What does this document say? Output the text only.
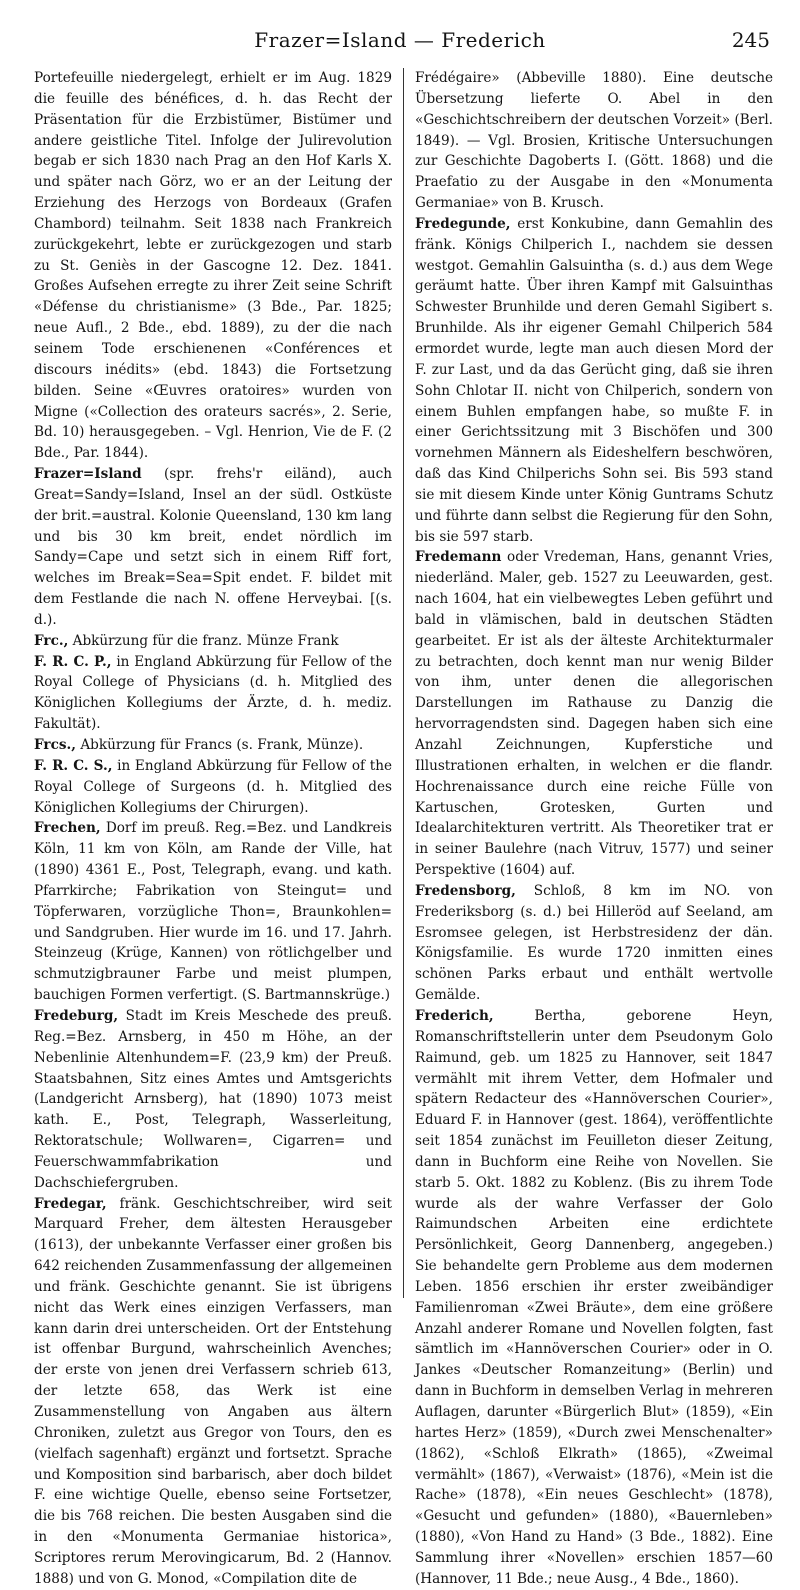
Frazer=Island — Frederich	245

Portefeuille niedergelegt, erhielt er im Aug. 1829 die feuille des bénéfices, d. h. das Recht der Präsentation für die Erzbistümer, Bistümer und andere geistliche Titel. Infolge der Julirevolution begab er sich 1830 nach Prag an den Hof Karls X. und später nach Görz, wo er an der Leitung der Erziehung des Herzogs von Bordeaux (Grafen Chambord) teilnahm. Seit 1838 nach Frankreich zurückgekehrt, lebte er zurückgezogen und starb zu St. Geniès in der Gascogne 12. Dez. 1841. Großes Aufsehen erregte zu ihrer Zeit seine Schrift «Défense du christianisme» (3 Bde., Par. 1825; neue Aufl., 2 Bde., ebd. 1889), zu der die nach seinem Tode erschienenen «Conférences et discours inédits» (ebd. 1843) die Fortsetzung bilden. Seine «Œuvres oratoires» wurden von Migne («Collection des orateurs sacrés», 2. Serie, Bd. 10) herausgegeben. – Vgl. Henrion, Vie de F. (2 Bde., Par. 1844).

Frazer=Island (spr. frehs'r eiländ), auch Great=Sandy=Island, Insel an der südl. Ostküste der brit.=austral. Kolonie Queensland, 130 km lang und bis 30 km breit, endet nördlich im Sandy=Cape und setzt sich in einem Riff fort, welches im Break=Sea=Spit endet. F. bildet mit dem Festlande die nach N. offene Herveybai. [(s. d.).

Frc., Abkürzung für die franz. Münze Frank

F. R. C. P., in England Abkürzung für Fellow of the Royal College of Physicians (d. h. Mitglied des Königlichen Kollegiums der Ärzte, d. h. mediz. Fakultät).

Frcs., Abkürzung für Francs (s. Frank, Münze).

F. R. C. S., in England Abkürzung für Fellow of the Royal College of Surgeons (d. h. Mitglied des Königlichen Kollegiums der Chirurgen).

Frechen, Dorf im preuß. Reg.=Bez. und Landkreis Köln, 11 km von Köln, am Rande der Ville, hat (1890) 4361 E., Post, Telegraph, evang. und kath. Pfarrkirche; Fabrikation von Steingut= und Töpferwaren, vorzügliche Thon=, Braunkohlen= und Sandgruben. Hier wurde im 16. und 17. Jahrh. Steinzeug (Krüge, Kannen) von rötlichgelber und schmutzigbrauner Farbe und meist plumpen, bauchigen Formen verfertigt. (S. Bartmannskrüge.)

Fredeburg, Stadt im Kreis Meschede des preuß. Reg.=Bez. Arnsberg, in 450 m Höhe, an der Nebenlinie Altenhundem=F. (23,9 km) der Preuß. Staatsbahnen, Sitz eines Amtes und Amtsgerichts (Landgericht Arnsberg), hat (1890) 1073 meist kath. E., Post, Telegraph, Wasserleitung, Rektoratschule; Wollwaren=, Cigarren= und Feuerschwammfabrikation und Dachschiefergruben.

Fredegar, fränk. Geschichtschreiber, wird seit Marquard Freher, dem ältesten Herausgeber (1613), der unbekannte Verfasser einer großen bis 642 reichenden Zusammenfassung der allgemeinen und fränk. Geschichte genannt. Sie ist übrigens nicht das Werk eines einzigen Verfassers, man kann darin drei unterscheiden. Ort der Entstehung ist offenbar Burgund, wahrscheinlich Avenches; der erste von jenen drei Verfassern schrieb 613, der letzte 658, das Werk ist eine Zusammenstellung von Angaben aus ältern Chroniken, zuletzt aus Gregor von Tours, den es (vielfach sagenhaft) ergänzt und fortsetzt. Sprache und Komposition sind barbarisch, aber doch bildet F. eine wichtige Quelle, ebenso seine Fortsetzer, die bis 768 reichen. Die besten Ausgaben sind die in den «Monumenta Germaniae historica», Scriptores rerum Merovingicarum, Bd. 2 (Hannov. 1888) und von G. Monod, «Compilation dite de

Frédégaire» (Abbeville 1880). Eine deutsche Übersetzung lieferte O. Abel in den «Geschichtschreibern der deutschen Vorzeit» (Berl. 1849). — Vgl. Brosien, Kritische Untersuchungen zur Geschichte Dagoberts I. (Gött. 1868) und die Praefatio zu der Ausgabe in den «Monumenta Germaniae» von B. Krusch.

Fredegunde, erst Konkubine, dann Gemahlin des fränk. Königs Chilperich I., nachdem sie dessen westgot. Gemahlin Galsuintha (s. d.) aus dem Wege geräumt hatte. Über ihren Kampf mit Galsuinthas Schwester Brunhilde und deren Gemahl Sigibert s. Brunhilde. Als ihr eigener Gemahl Chilperich 584 ermordet wurde, legte man auch diesen Mord der F. zur Last, und da das Gerücht ging, daß sie ihren Sohn Chlotar II. nicht von Chilperich, sondern von einem Buhlen empfangen habe, so mußte F. in einer Gerichtssitzung mit 3 Bischöfen und 300 vornehmen Männern als Eideshelfern beschwören, daß das Kind Chilperichs Sohn sei. Bis 593 stand sie mit diesem Kinde unter König Guntrams Schutz und führte dann selbst die Regierung für den Sohn, bis sie 597 starb.

Fredemann oder Vredeman, Hans, genannt Vries, niederländ. Maler, geb. 1527 zu Leeuwarden, gest. nach 1604, hat ein vielbewegtes Leben geführt und bald in vlämischen, bald in deutschen Städten gearbeitet. Er ist als der älteste Architekturmaler zu betrachten, doch kennt man nur wenig Bilder von ihm, unter denen die allegorischen Darstellungen im Rathause zu Danzig die hervorragendsten sind. Dagegen haben sich eine Anzahl Zeichnungen, Kupferstiche und Illustrationen erhalten, in welchen er die flandr. Hochrenaissance durch eine reiche Fülle von Kartuschen, Grotesken, Gurten und Idealarchitekturen vertritt. Als Theoretiker trat er in seiner Baulehre (nach Vitruv, 1577) und seiner Perspektive (1604) auf.

Fredensborg, Schloß, 8 km im NO. von Frederiksborg (s. d.) bei Hilleröd auf Seeland, am Esromsee gelegen, ist Herbstresidenz der dän. Königsfamilie. Es wurde 1720 inmitten eines schönen Parks erbaut und enthält wertvolle Gemälde.

Frederich,	Bertha, geborene Heyn, Romanschriftstellerin unter dem Pseudonym Golo Raimund, geb. um 1825 zu Hannover, seit 1847 vermählt mit ihrem Vetter, dem Hofmaler und spätern Redacteur des «Hannöverschen Courier», Eduard F. in Hannover (gest. 1864), veröffentlichte seit 1854 zunächst im Feuilleton dieser Zeitung, dann in Buchform eine Reihe von Novellen. Sie starb 5. Okt. 1882 zu Koblenz. (Bis zu ihrem Tode wurde als der wahre Verfasser der Golo Raimundschen Arbeiten eine erdichtete Persönlichkeit, Georg Dannenberg, angegeben.) Sie behandelte gern Probleme aus dem modernen Leben. 1856 erschien ihr erster zweibändiger Familienroman «Zwei Bräute», dem eine größere Anzahl anderer Romane und Novellen folgten, fast sämtlich im «Hannöverschen Courier» oder in O. Jankes «Deutscher Romanzeitung» (Berlin) und dann in Buchform in demselben Verlag in mehreren Auflagen, darunter «Bürgerlich Blut» (1859), «Ein hartes Herz» (1859), «Durch zwei Menschenalter» (1862), «Schloß Elkrath» (1865), «Zweimal vermählt» (1867), «Verwaist» (1876), «Mein ist die Rache» (1878), «Ein neues Geschlecht» (1878), «Gesucht und gefunden» (1880), «Bauernleben» (1880), «Von Hand zu Hand» (3 Bde., 1882). Eine Sammlung ihrer «Novellen» erschien 1857—60 (Hannover, 11 Bde.; neue Ausg., 4 Bde., 1860).
